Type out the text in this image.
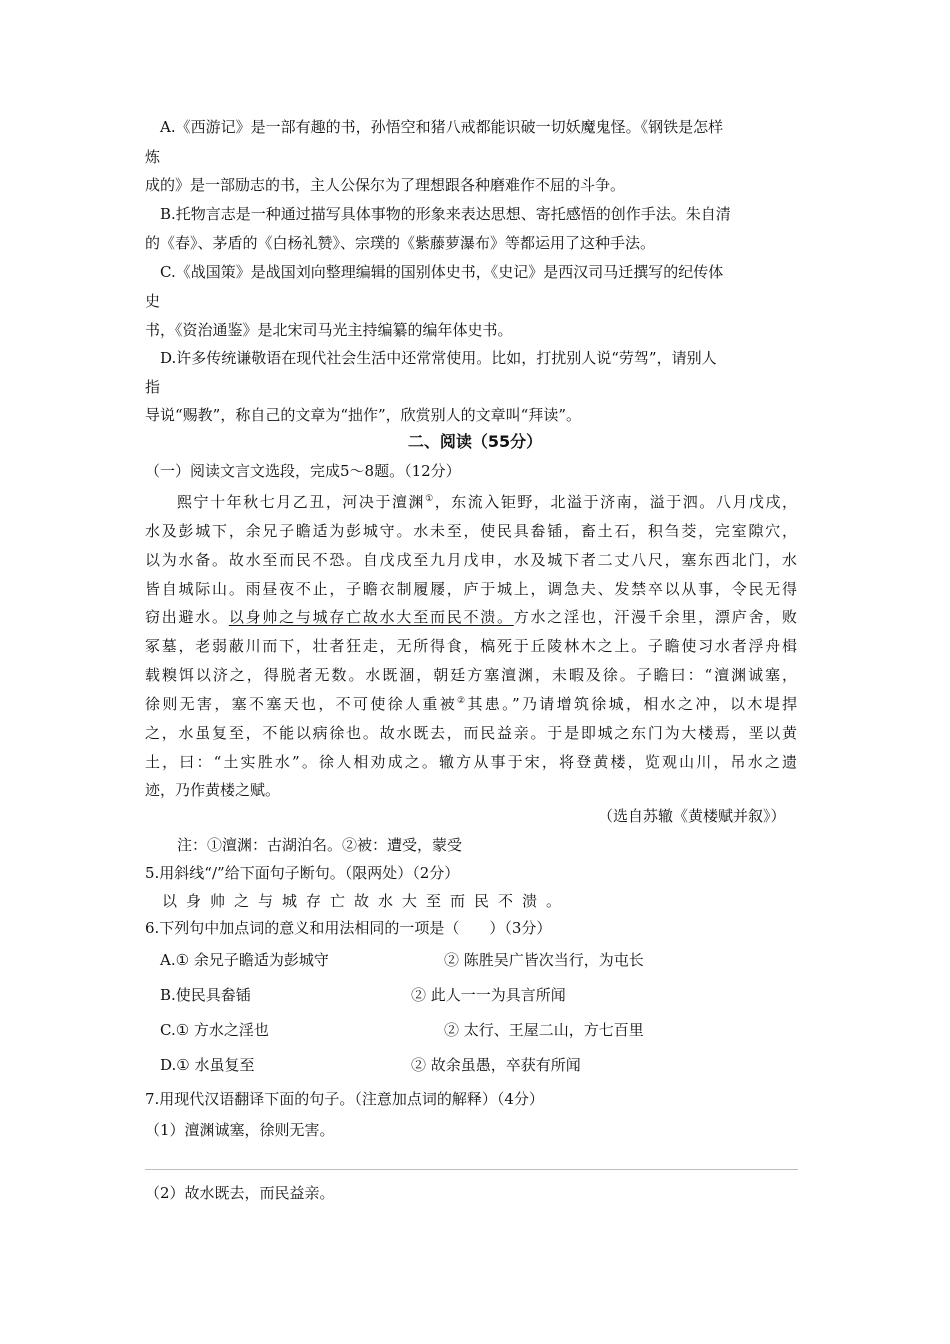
A.《西游记》是一部有趣的书，孙悟空和猪八戒都能识破一切妖魔鬼怪。《钢铁是怎样
炼
成的》是一部励志的书，主人公保尔为了理想跟各种磨难作不屈的斗争。
B.托物言志是一种通过描写具体事物的形象来表达思想、寄托感悟的创作手法。朱自清
的《春》、茅盾的《白杨礼赞》、宗璞的《紫藤萝瀑布》等都运用了这种手法。
C.《战国策》是战国刘向整理编辑的国别体史书，《史记》是西汉司马迁撰写的纪传体
史
书，《资治通鉴》是北宋司马光主持编纂的编年体史书。
D.许多传统谦敬语在现代社会生活中还常常使用。比如，打扰别人说“劳驾”，请别人
指
导说“赐教”，称自己的文章为“拙作”，欣赏别人的文章叫“拜读”。
二、阅读（55分）
（一）阅读文言文选段，完成5～8题。（12分）
熙宁十年秋七月乙丑，河决于澶渊①，东流入钜野，北溢于济南，溢于泗。八月戊戌，
水及彭城下，余兄子瞻适为彭城守。水未至，使民具畚锸，畜土石，积刍茭，完室隙穴，
以为水备。故水至而民不恐。自戊戌至九月戊申，水及城下者二丈八尺，塞东西北门，水
皆自城际山。雨昼夜不止，子瞻衣制履屦，庐于城上，调急夫、发禁卒以从事，令民无得
窃出避水。以身帅之与城存亡故水大至而民不溃。方水之淫也，汗漫千余里，漂庐舍，败
冢墓，老弱蔽川而下，壮者狂走，无所得食，槁死于丘陵林木之上。子瞻使习水者浮舟楫
载糗饵以济之，得脱者无数。水既涸，朝廷方塞澶渊，未暇及徐。子瞻曰：“澶渊诚塞，
徐则无害，塞不塞天也，不可使徐人重被②其患。”乃请增筑徐城，相水之冲，以木堤捍
之，水虽复至，不能以病徐也。故水既去，而民益亲。于是即城之东门为大楼焉，垩以黄
土，曰：“土实胜水”。徐人相劝成之。辙方从事于宋，将登黄楼，览观山川，吊水之遗
迹，乃作黄楼之赋。
（选自苏辙《黄楼赋并叙》）
注：①澶渊：古湖泊名。②被：遭受，蒙受
5.用斜线“/”给下面句子断句。（限两处）（2分）
以身帅之与城存亡故水大至而民不溃。
6.下列句中加点词的意义和用法相同的一项是（　　）（3分）
A.① 余兄子瞻适为彭城守	② 陈胜吴广皆次当行，为屯长
B.使民具畚锸	② 此人一一为具言所闻
C.① 方水之淫也	② 太行、王屋二山，方七百里
D.① 水虽复至	② 故余虽愚，卒获有所闻
7.用现代汉语翻译下面的句子。（注意加点词的解释）（4分）
（1）澶渊诚塞，徐则无害。
（2）故水既去，而民益亲。
